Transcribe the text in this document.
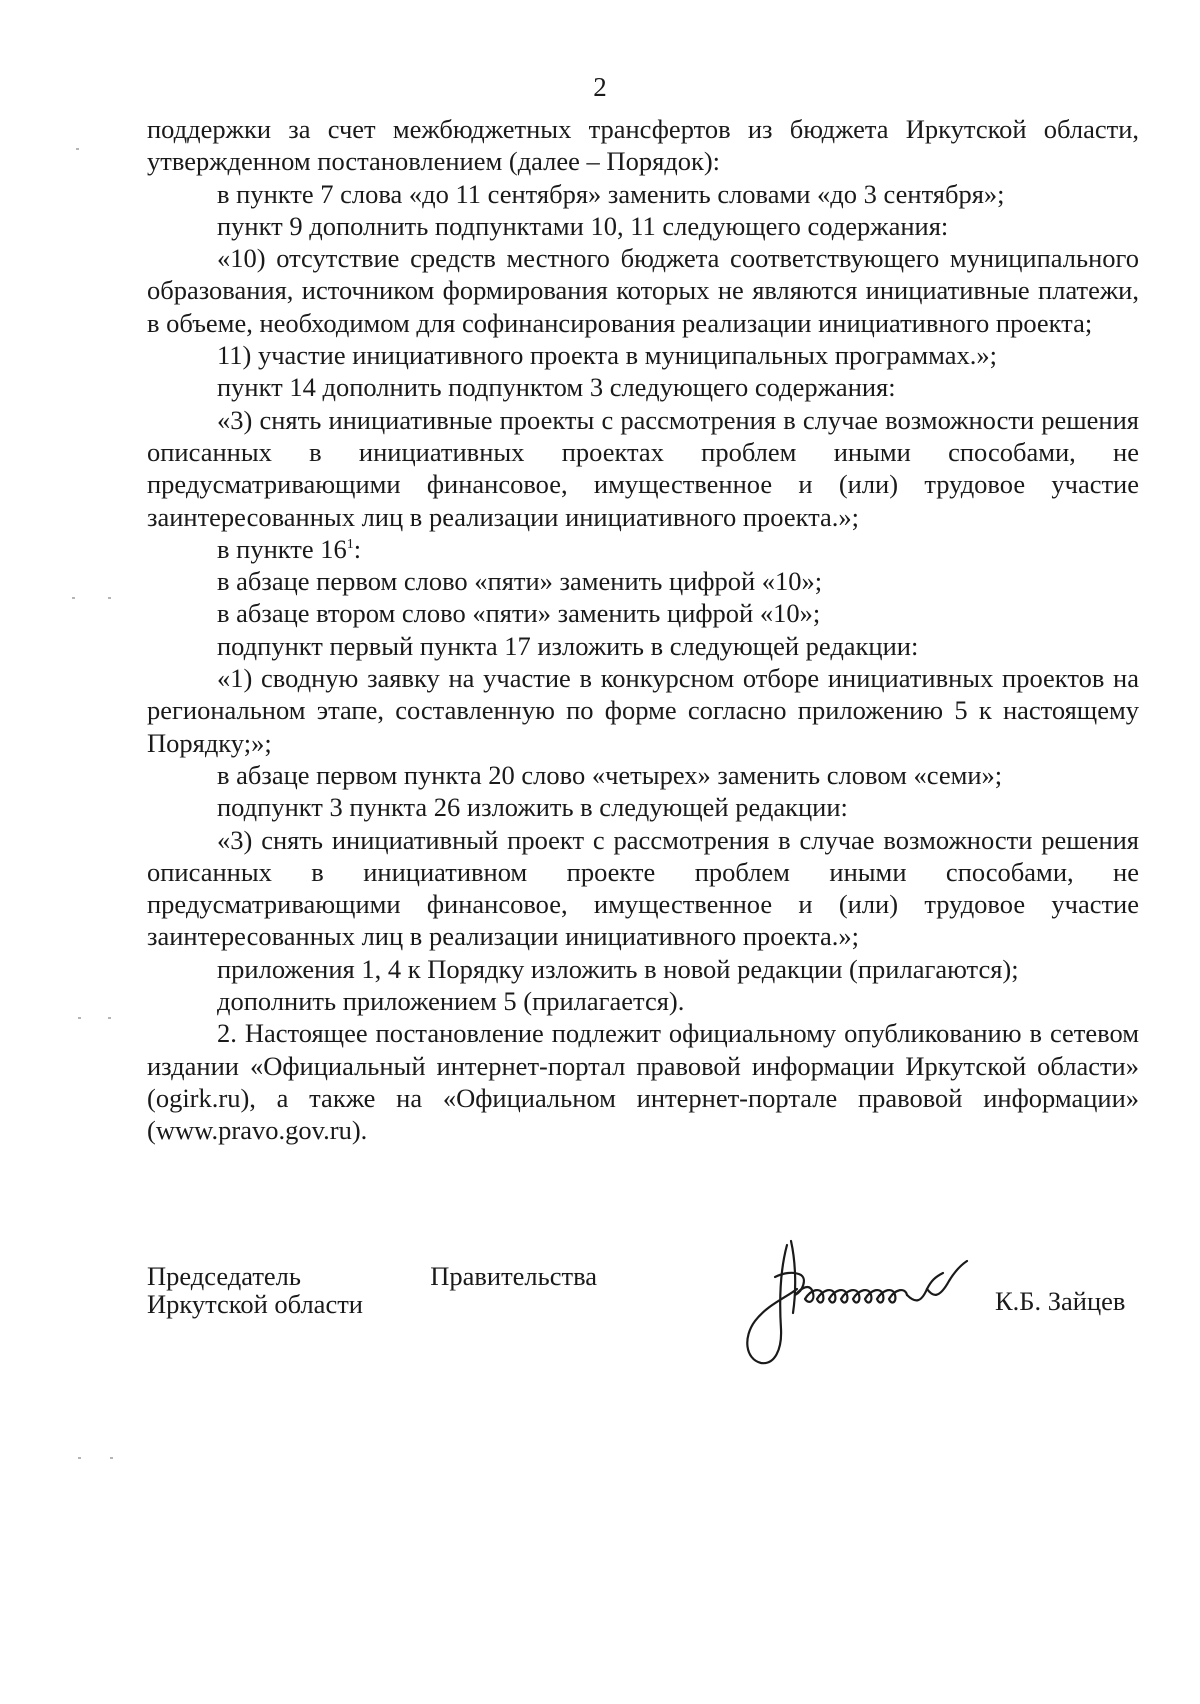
2

поддержки за счет межбюджетных трансфертов из бюджета Иркутской области, утвержденном постановлением (далее – Порядок):

в пункте 7 слова «до 11 сентября» заменить словами «до 3 сентября»;

пункт 9 дополнить подпунктами 10, 11 следующего содержания:

«10) отсутствие средств местного бюджета соответствующего муниципального образования, источником формирования которых не являются инициативные платежи, в объеме, необходимом для софинансирования реализации инициативного проекта;

11) участие инициативного проекта в муниципальных программах.»;

пункт 14 дополнить подпунктом 3 следующего содержания:

«3) снять инициативные проекты с рассмотрения в случае возможности решения описанных в инициативных проектах проблем иными способами, не предусматривающими финансовое, имущественное и (или) трудовое участие заинтересованных лиц в реализации инициативного проекта.»;

в пункте $16^1$:

в абзаце первом слово «пяти» заменить цифрой «10»;

в абзаце втором слово «пяти» заменить цифрой «10»;

подпункт первый пункта 17 изложить в следующей редакции:

«1) сводную заявку на участие в конкурсном отборе инициативных проектов на региональном этапе, составленную по форме согласно приложению 5 к настоящему Порядку;»;

в абзаце первом пункта 20 слово «четырех» заменить словом «семи»;

подпункт 3 пункта 26 изложить в следующей редакции:

«3) снять инициативный проект с рассмотрения в случае возможности решения описанных в инициативном проекте проблем иными способами, не предусматривающими финансовое, имущественное и (или) трудовое участие заинтересованных лиц в реализации инициативного проекта.»;

приложения 1, 4 к Порядку изложить в новой редакции (прилагаются);

дополнить приложением 5 (прилагается).

2. Настоящее постановление подлежит официальному опубликованию в сетевом издании «Официальный интернет-портал правовой информации Иркутской области» (ogirk.ru), а также на «Официальном интернет-портале правовой информации» (www.pravo.gov.ru).

Председатель	Правительства
Иркутской области	К.Б. Зайцев
